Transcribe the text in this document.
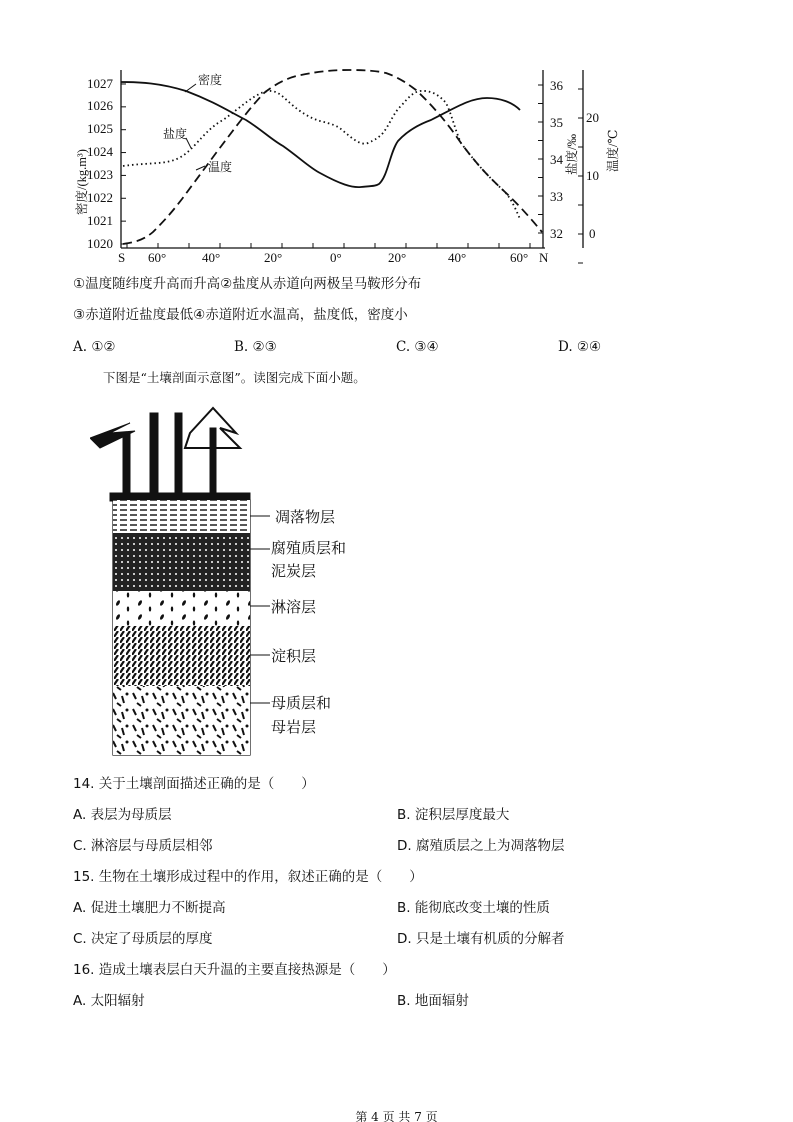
1020
1021
1022
1023
1024
1025
1026
1027
32
33
34
35
36
0
10
20
S 60°	40°	20°	0°	20°	40°	60° N
密度/(kg.m³)	盐度/‰ 温度/℃
密度
盐度
温度
①温度随纬度升高而升高②盐度从赤道向两极呈马鞍形分布
③赤道附近盐度最低④赤道附近水温高，盐度低，密度小
A. ①②	B. ②③	C. ③④	D. ②④
下图是“土壤剖面示意图”。读图完成下面小题。
凋落物层
腐殖质层和
泥炭层
淋溶层
淀积层
母质层和
母岩层
14. 关于土壤剖面描述正确的是（　　）
A. 表层为母质层	B. 淀积层厚度最大
C. 淋溶层与母质层相邻	D. 腐殖质层之上为凋落物层
15. 生物在土壤形成过程中的作用，叙述正确的是（　　）
A. 促进土壤肥力不断提高	B. 能彻底改变土壤的性质
C. 决定了母质层的厚度	D. 只是土壤有机质的分解者
16. 造成土壤表层白天升温的主要直接热源是（　　）
A. 太阳辐射	B. 地面辐射
第 4 页 共 7 页
